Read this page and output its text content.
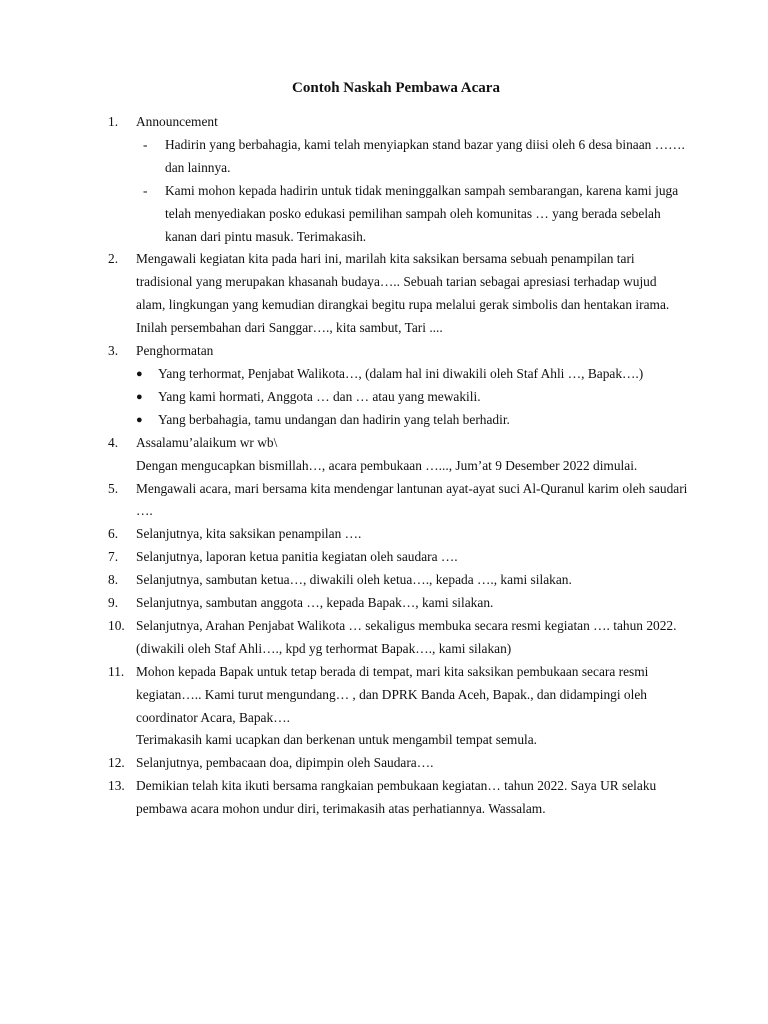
Contoh Naskah Pembawa Acara
1.	Announcement
- Hadirin yang berbahagia, kami telah menyiapkan stand bazar yang diisi oleh 6 desa binaan ……. dan lainnya.
- Kami mohon kepada hadirin untuk tidak meninggalkan sampah sembarangan, karena kami juga telah menyediakan posko edukasi pemilihan sampah oleh komunitas … yang berada sebelah kanan dari pintu masuk. Terimakasih.
2.	Mengawali kegiatan kita pada hari ini, marilah kita saksikan bersama sebuah penampilan tari tradisional yang merupakan khasanah budaya….. Sebuah tarian sebagai apresiasi terhadap wujud alam, lingkungan yang kemudian dirangkai begitu rupa melalui gerak simbolis dan hentakan irama. Inilah persembahan dari Sanggar…., kita sambut, Tari ....
3.	Penghormatan
● Yang terhormat, Penjabat Walikota…, (dalam hal ini diwakili oleh Staf Ahli …, Bapak….)
● Yang kami hormati, Anggota … dan … atau yang mewakili.
● Yang berbahagia, tamu undangan dan hadirin yang telah berhadir.
4.	Assalamu’alaikum wr wb\
Dengan mengucapkan bismillah…, acara pembukaan …..., Jum’at 9 Desember 2022 dimulai.
5.	Mengawali acara, mari bersama kita mendengar lantunan ayat-ayat suci Al-Quranul karim oleh saudari ….
6.	Selanjutnya, kita saksikan penampilan ….
7.	Selanjutnya, laporan ketua panitia kegiatan oleh saudara ….
8.	Selanjutnya, sambutan ketua…, diwakili oleh ketua…., kepada …., kami silakan.
9.	Selanjutnya, sambutan anggota …, kepada Bapak…, kami silakan.
10. Selanjutnya, Arahan Penjabat Walikota … sekaligus membuka secara resmi kegiatan …. tahun 2022. (diwakili oleh Staf Ahli…., kpd yg terhormat Bapak…., kami silakan)
11. Mohon kepada Bapak untuk tetap berada di tempat, mari kita saksikan pembukaan secara resmi kegiatan….. Kami turut mengundang… , dan DPRK Banda Aceh, Bapak., dan didampingi oleh coordinator Acara, Bapak….
Terimakasih kami ucapkan dan berkenan untuk mengambil tempat semula.
12. Selanjutnya, pembacaan doa, dipimpin oleh Saudara….
13. Demikian telah kita ikuti bersama rangkaian pembukaan kegiatan… tahun 2022. Saya UR selaku pembawa acara mohon undur diri, terimakasih atas perhatiannya. Wassalam.
